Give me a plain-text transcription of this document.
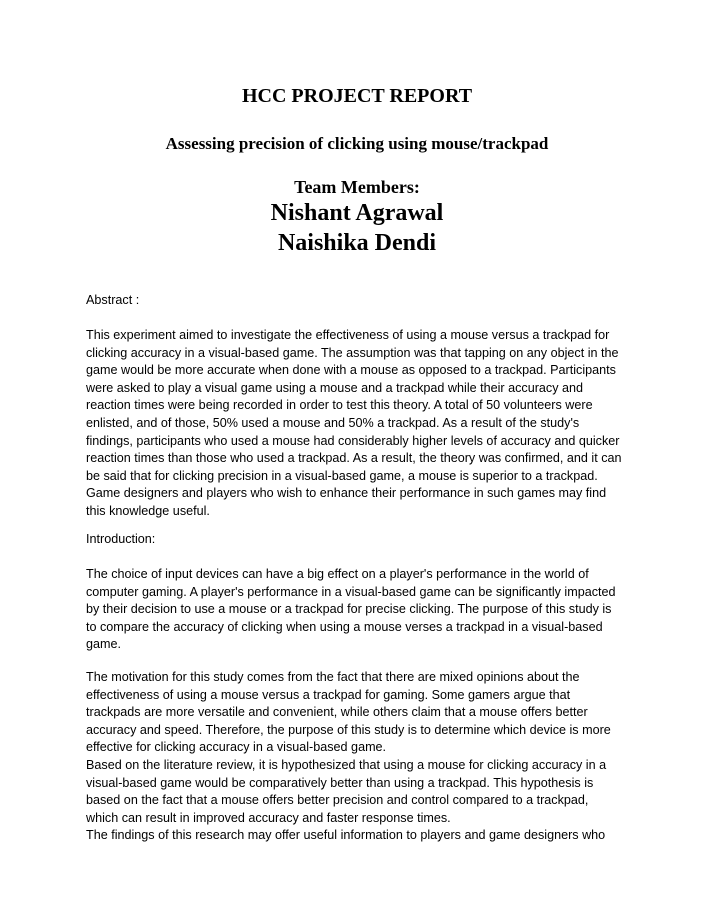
HCC PROJECT REPORT
Assessing precision of clicking using mouse/trackpad
Team Members:
Nishant Agrawal
Naishika Dendi
Abstract :
This experiment aimed to investigate the effectiveness of using a mouse versus a trackpad for
clicking accuracy in a visual-based game. The assumption was that tapping on any object in the
game would be more accurate when done with a mouse as opposed to a trackpad. Participants
were asked to play a visual game using a mouse and a trackpad while their accuracy and
reaction times were being recorded in order to test this theory. A total of 50 volunteers were
enlisted, and of those, 50% used a mouse and 50% a trackpad. As a result of the study's
findings, participants who used a mouse had considerably higher levels of accuracy and quicker
reaction times than those who used a trackpad. As a result, the theory was confirmed, and it can
be said that for clicking precision in a visual-based game, a mouse is superior to a trackpad.
Game designers and players who wish to enhance their performance in such games may find
this knowledge useful.
Introduction:
The choice of input devices can have a big effect on a player's performance in the world of
computer gaming. A player's performance in a visual-based game can be significantly impacted
by their decision to use a mouse or a trackpad for precise clicking. The purpose of this study is
to compare the accuracy of clicking when using a mouse verses a trackpad in a visual-based
game.
The motivation for this study comes from the fact that there are mixed opinions about the
effectiveness of using a mouse versus a trackpad for gaming. Some gamers argue that
trackpads are more versatile and convenient, while others claim that a mouse offers better
accuracy and speed. Therefore, the purpose of this study is to determine which device is more
effective for clicking accuracy in a visual-based game.
Based on the literature review, it is hypothesized that using a mouse for clicking accuracy in a
visual-based game would be comparatively better than using a trackpad. This hypothesis is
based on the fact that a mouse offers better precision and control compared to a trackpad,
which can result in improved accuracy and faster response times.
The findings of this research may offer useful information to players and game designers who
